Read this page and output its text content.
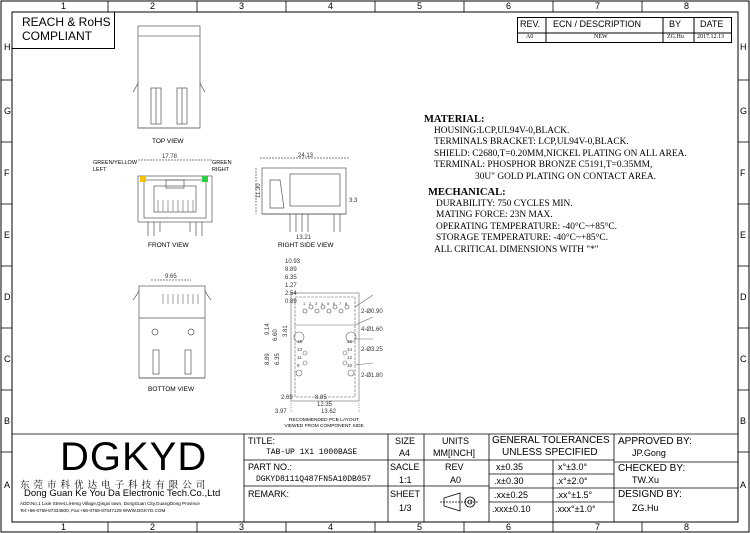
1	2	3	4	5	6	7	8
1	2	3	4	5	6	7	8
H
G
F
E
D
C
B
A
H
G
F
E
D
C
B
A
REACH & RoHS
COMPLIANT
REV. ECN / DESCRIPTION	BY DATE
A0	NEW	ZG.Hu 2017.12.13
TOP VIEW
17.78
GREEN/YELLOW
LEFT
GREEN
RIGHT
FRONT VIEW
24.13
11.30
3.3
13.21
RIGHT SIDE VIEW
9.65
BOTTOM VIEW
10.93
8.89
6.35
1.27
2.54
0.89
9.14
6.60 3.81
8.89 6.35
2-Ø0.90
4-Ø1.60
2-Ø3.25
2-Ø1.80
2.69	8.85
12.35
3.97	13.62
15
13
11
9
16
14
12
10
1 2 3 4 5 6 7 8
RECOMMENDED PCB LAYOUT
VIEWED FROM COMPONENT SIDE
MATERIAL:
HOUSING:LCP,UL94V-0,BLACK.
TERMINALS BRACKET: LCP,UL94V-0,BLACK.
SHIELD: C2680,T=0.20MM,NICKEL PLATING ON ALL AREA.
TERMINAL: PHOSPHOR BRONZE C5191,T=0.35MM,
30U" GOLD PLATING ON CONTACT AREA.
MECHANICAL:
DURABILITY: 750 CYCLES MIN.
MATING FORCE: 23N MAX.
OPERATING TEMPERATURE: -40°C~+85°C.
STORAGE TEMPERATURE: -40°C~+85°C.
ALL CRITICAL DIMENSIONS WITH "*"
DGKYD
东 莞 市 科 优 达 电 子 科 技 有 限 公 司
Dong Guan Ke You Da Electronic Tech.Co.,Ltd
ADD:No.1 Lixie Street,LiHeng Village,Qingxi town, DongGuan City,GuangDong Province
Tel:+86-0769-87334600, Fax:+86-0769-87647129 WWW.DGKYD.COM
TITLE:
TAB-UP 1X1 1000BASE
PART NO.:
DGKYD8111Q487FN5A10DB057
REMARK:
SIZE
A4
UNITS
MM[INCH]
SACLE
1:1
REV
A0
SHEET
1/3
GENERAL TOLERANCES
UNLESS SPECIFIED
x±0.35	x°±3.0°
.x±0.30	.x°±2.0°
.xx±0.25	.xx°±1.5°
.xxx±0.10	.xxx°±1.0°
APPROVED BY:
JP.Gong
CHECKED BY:
TW.Xu
DESIGND BY:
ZG.Hu
